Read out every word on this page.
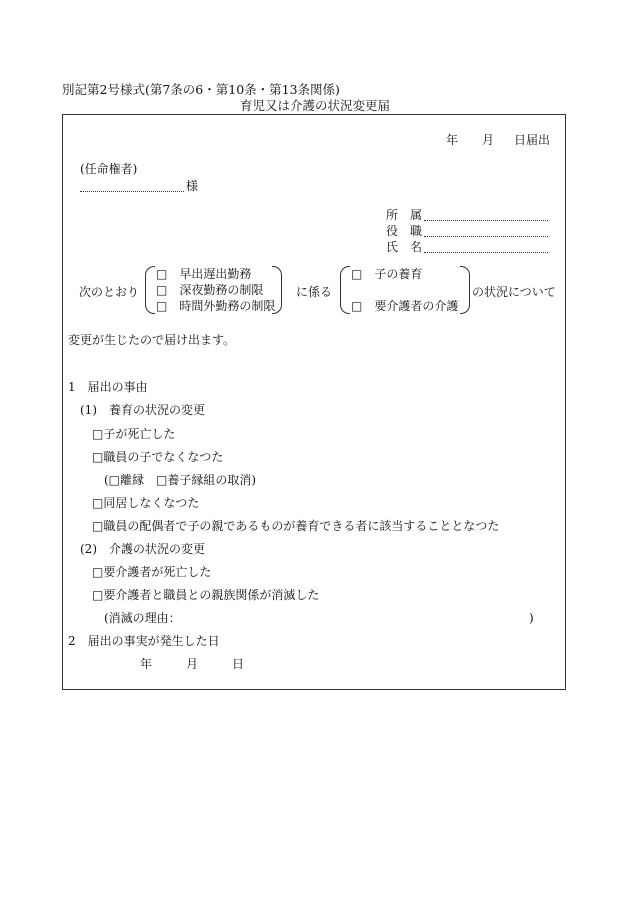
別記第2号様式(第7条の6・第10条・第13条関係)
育児又は介護の状況変更届
年 月 日届出
(任命権者)
様
所　属
役　職
氏　名
次のとおり
□　早出遅出勤務
□　深夜勤務の制限
□　時間外勤務の制限
に係る
□　子の養育
□　要介護者の介護
の状況について
変更が生じたので届け出ます。
1　届出の事由
(1)　養育の状況の変更
□子が死亡した
□職員の子でなくなつた
(□離縁　□養子縁組の取消)
□同居しなくなつた
□職員の配偶者で子の親であるものが養育できる者に該当することとなつた
(2)　介護の状況の変更
□要介護者が死亡した
□要介護者と職員との親族関係が消滅した
(消滅の理由：	)
2　届出の事実が発生した日
年	月	日
